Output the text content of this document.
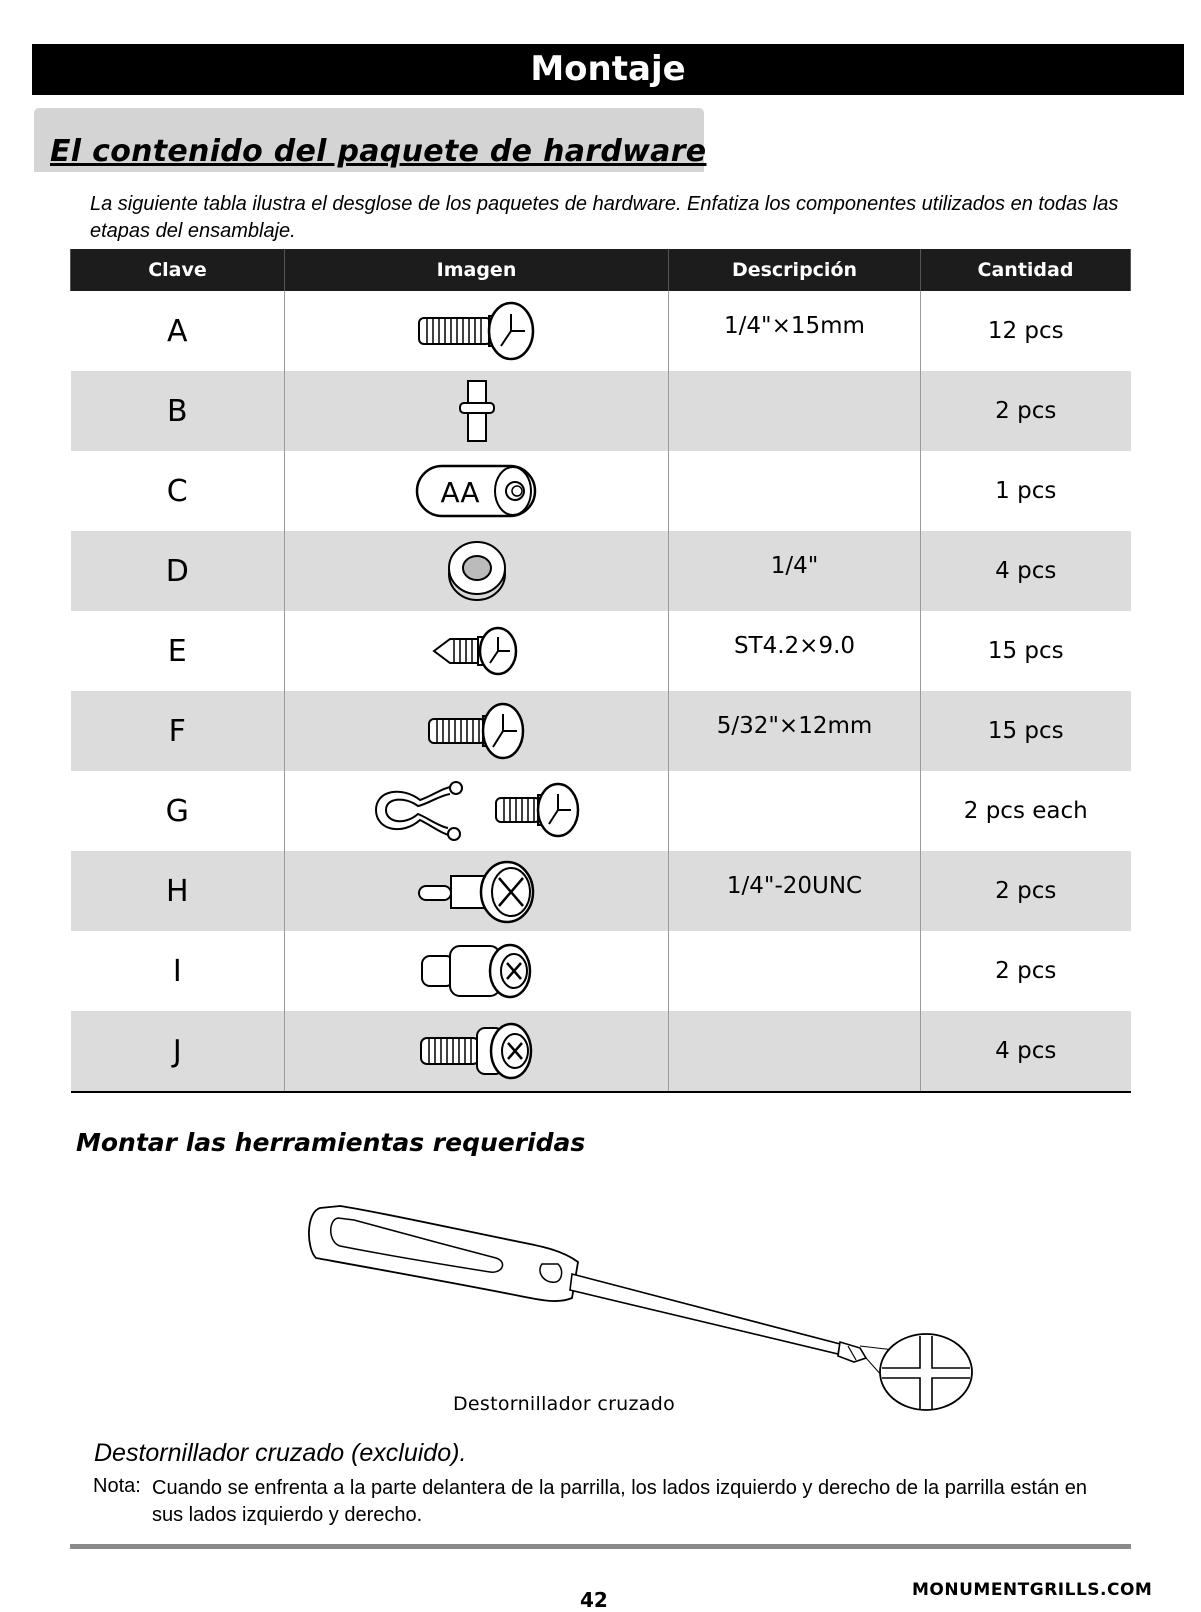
Montaje
El contenido del paquete de hardware
La siguiente tabla ilustra el desglose de los paquetes de hardware. Enfatiza los componentes utilizados en todas las etapas del ensamblaje.
Clave	Imagen	Descripción	Cantidad
A		1/4"×15mm	12 pcs
B			2 pcs
C	AA		1 pcs
D		1/4"	4 pcs
E		ST4.2×9.0	15 pcs
F		5/32"×12mm	15 pcs
G			2 pcs each
H		1/4"-20UNC	2 pcs
I			2 pcs
J			4 pcs
Montar las herramientas requeridas
Destornillador cruzado
Destornillador cruzado (excluido).
Nota: Cuando se enfrenta a la parte delantera de la parrilla, los lados izquierdo y derecho de la parrilla están en sus lados izquierdo y derecho.
42	MONUMENTGRILLS.COM
